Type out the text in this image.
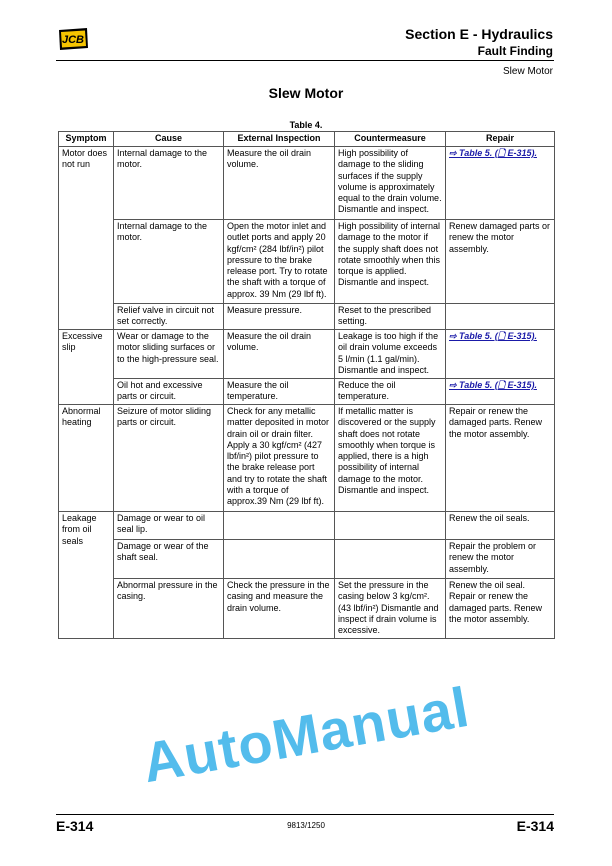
JCB	Section E - Hydraulics
Fault Finding
Slew Motor
Slew Motor
Table 4.
Symptom	Cause	External Inspection	Countermeasure	Repair
Motor does not run	Internal damage to the motor.	Measure the oil drain volume.	High possibility of damage to the sliding surfaces if the supply volume is approximately equal to the drain volume. Dismantle and inspect.	⇨ Table 5. (🗋 E-315).
	Internal damage to the motor.	Open the motor inlet and outlet ports and apply 20 kgf/cm² (284 lbf/in²) pilot pressure to the brake release port. Try to rotate the shaft with a torque of approx. 39 Nm (29 lbf ft).	High possibility of internal damage to the motor if the supply shaft does not rotate smoothly when this torque is applied. Dismantle and inspect.	Renew damaged parts or renew the motor assembly.
	Relief valve in circuit not set correctly.	Measure pressure.	Reset to the prescribed setting.	
Excessive slip	Wear or damage to the motor sliding surfaces or to the high-pressure seal.	Measure the oil drain volume.	Leakage is too high if the oil drain volume exceeds 5 l/min (1.1 gal/min). Dismantle and inspect.	⇨ Table 5. (🗋 E-315).
	Oil hot and excessive parts or circuit.	Measure the oil temperature.	Reduce the oil temperature.	⇨ Table 5. (🗋 E-315).
Abnormal heating	Seizure of motor sliding parts or circuit.	Check for any metallic matter deposited in motor drain oil or drain filter. Apply a 30 kgf/cm² (427 lbf/in²) pilot pressure to the brake release port and try to rotate the shaft with a torque of approx.39 Nm (29 lbf ft).	If metallic matter is discovered or the supply shaft does not rotate smoothly when torque is applied, there is a high possibility of internal damage to the motor. Dismantle and inspect.	Repair or renew the damaged parts. Renew the motor assembly.
Leakage from oil seals	Damage or wear to oil seal lip.			Renew the oil seals.
	Damage or wear of the shaft seal.			Repair the problem or renew the motor assembly.
	Abnormal pressure in the casing.	Check the pressure in the casing and measure the drain volume.	Set the pressure in the casing below 3 kg/cm². (43 lbf/in²) Dismantle and inspect if drain volume is excessive.	Renew the oil seal. Repair or renew the damaged parts. Renew the motor assembly.
AutoManual
E-314	9813/1250	E-314
